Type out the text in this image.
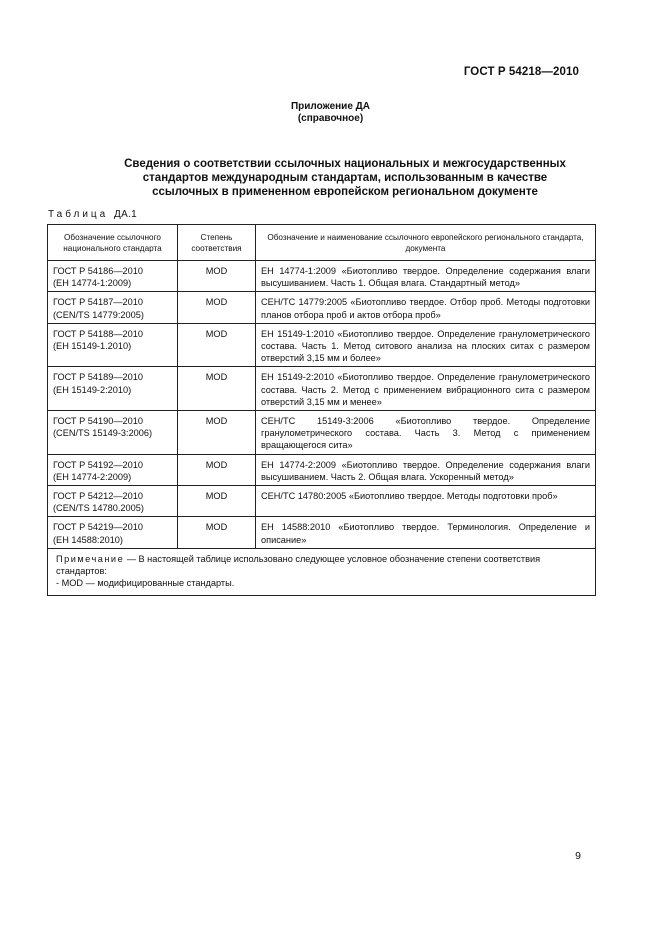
ГОСТ Р 54218—2010
Приложение ДА
(справочное)
Сведения о соответствии ссылочных национальных и межгосударственных
стандартов международным стандартам, использованным в качестве
ссылочных в примененном европейском региональном документе
Таблица ДА.1
Обозначение ссылочного национального стандарта	Степень соответствия	Обозначение и наименование ссылочного европейского регионального стандарта, документа

ГОСТ Р 54186—2010
(ЕН 14774-1:2009)	MOD	ЕН 14774-1:2009 «Биотопливо твердое. Определение содержания влаги высушиванием. Часть 1. Общая влага. Стандартный метод»

ГОСТ Р 54187—2010
(CEN/TS 14779:2005)	MOD	CEH/TC 14779:2005 «Биотопливо твердое. Отбор проб. Методы подготовки планов отбора проб и актов отбора проб»

ГОСТ Р 54188—2010
(ЕН 15149-1.2010)	MOD	ЕН 15149-1:2010 «Биотопливо твердое. Определение гранулометрического состава. Часть 1. Метод ситового анализа на плоских ситах с размером отверстий 3,15 мм и более»

ГОСТ Р 54189—2010
(ЕН 15149-2:2010)	MOD	ЕН 15149-2:2010 «Биотопливо твердое. Определение гранулометрического состава. Часть 2. Метод с применением вибрационного сита с размером отверстий 3,15 мм и менее»

ГОСТ Р 54190—2010
(CEN/TS 15149-3:2006)	MOD	CEH/TC 15149-3:2006 «Биотопливо твердое. Определение гранулометрического состава. Часть 3. Метод с применением вращающегося сита»

ГОСТ Р 54192—2010
(ЕН 14774-2:2009)	MOD	ЕН 14774-2:2009 «Биотопливо твердое. Определение содержания влаги высушиванием. Часть 2. Общая влага. Ускоренный метод»

ГОСТ Р 54212—2010
(CEN/TS 14780.2005)	MOD	CEH/TC 14780:2005 «Биотопливо твердое. Методы подготовки проб»

ГОСТ Р 54219—2010
(ЕН 14588:2010)	MOD	ЕН 14588:2010 «Биотопливо твердое. Терминология. Определение и описание»
Примечание — В настоящей таблице использовано следующее условное обозначение степени соответствия стандартов:
- MOD — модифицированные стандарты.		
9
